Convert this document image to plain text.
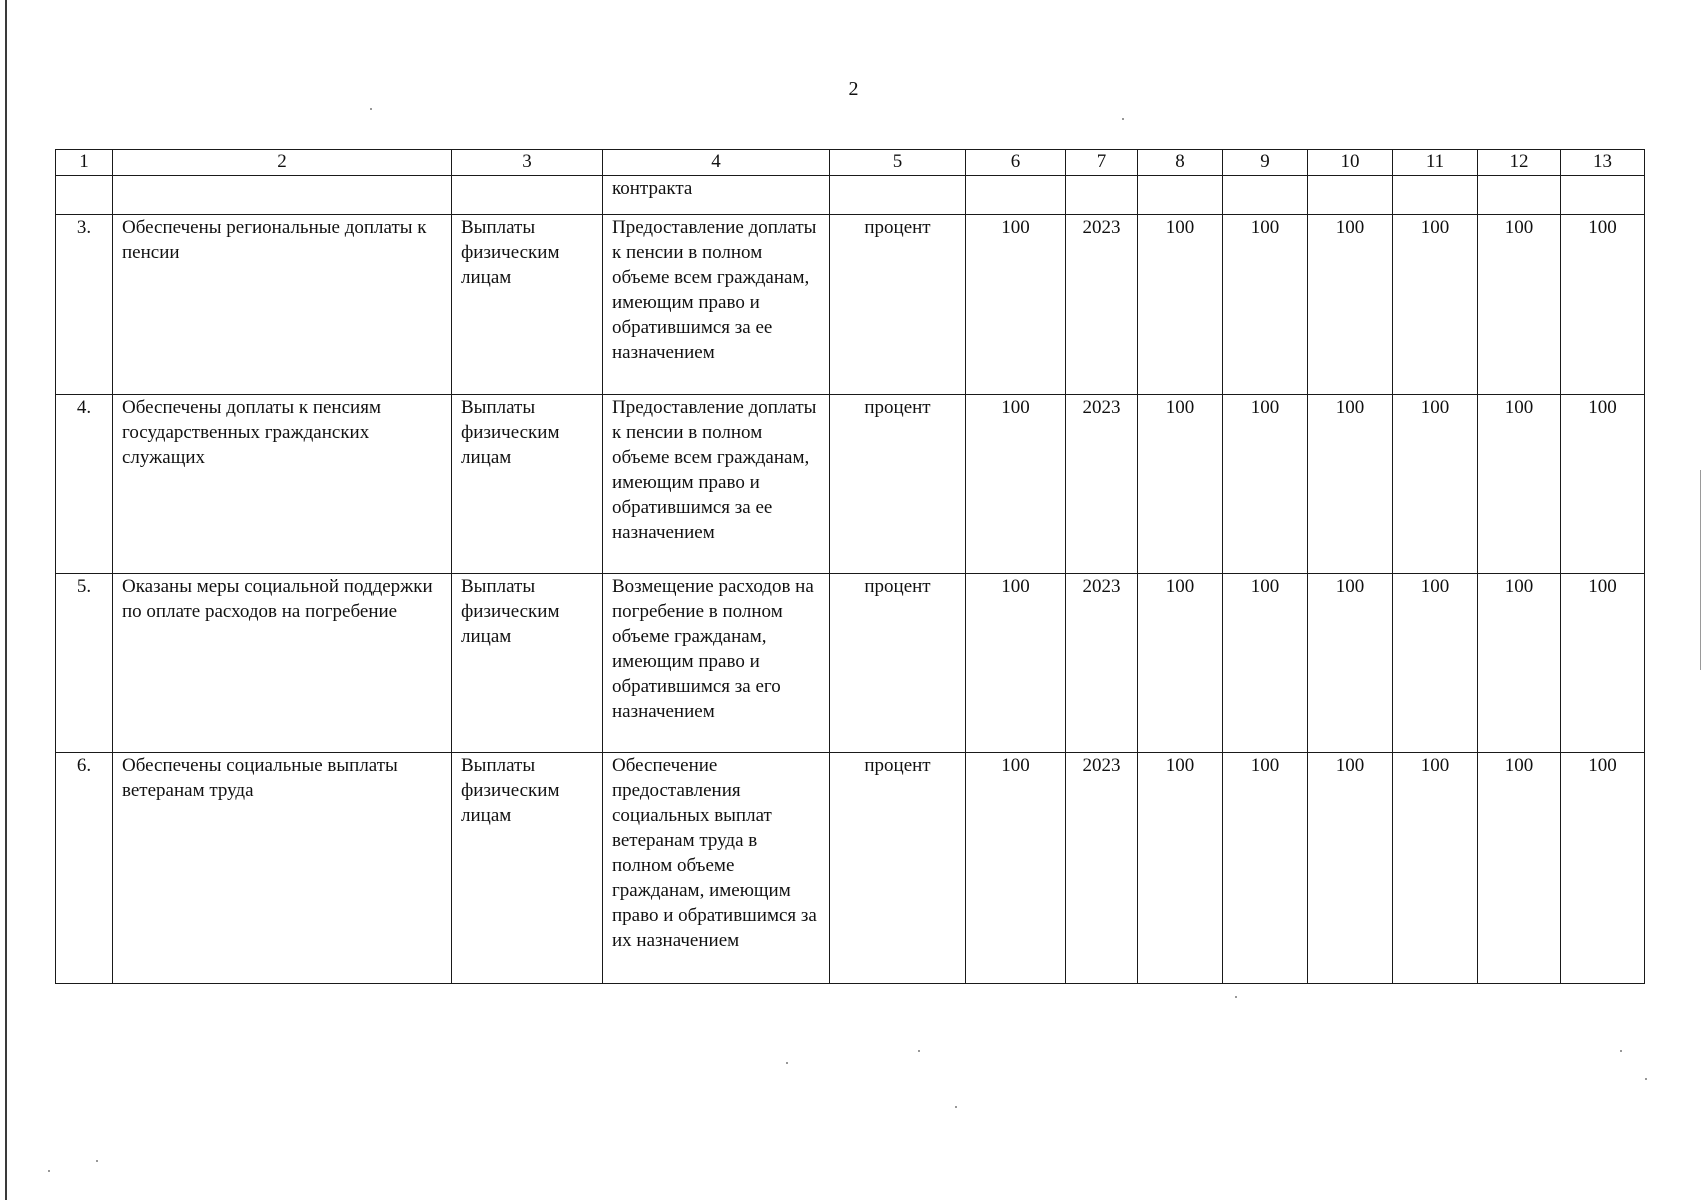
2
1	2	3	4	5	6	7	8	9	10	11	12	13
			контракта									
3.	Обеспечены региональные доплаты к пенсии	Выплаты физическим лицам	Предоставление доплаты к пенсии в полном объеме всем гражданам, имеющим право и обратившимся за ее назначением	процент	100	2023	100	100	100	100	100	100
4.	Обеспечены доплаты к пенсиям государственных гражданских служащих	Выплаты физическим лицам	Предоставление доплаты к пенсии в полном объеме всем гражданам, имеющим право и обратившимся за ее назначением	процент	100	2023	100	100	100	100	100	100
5.	Оказаны меры социальной поддержки по оплате расходов на погребение	Выплаты физическим лицам	Возмещение расходов на погребение в полном объеме гражданам, имеющим право и обратившимся за его назначением	процент	100	2023	100	100	100	100	100	100
6.	Обеспечены социальные выплаты ветеранам труда	Выплаты физическим лицам	Обеспечение предоставления социальных выплат ветеранам труда в полном объеме гражданам, имеющим право и обратившимся за их назначением	процент	100	2023	100	100	100	100	100	100
